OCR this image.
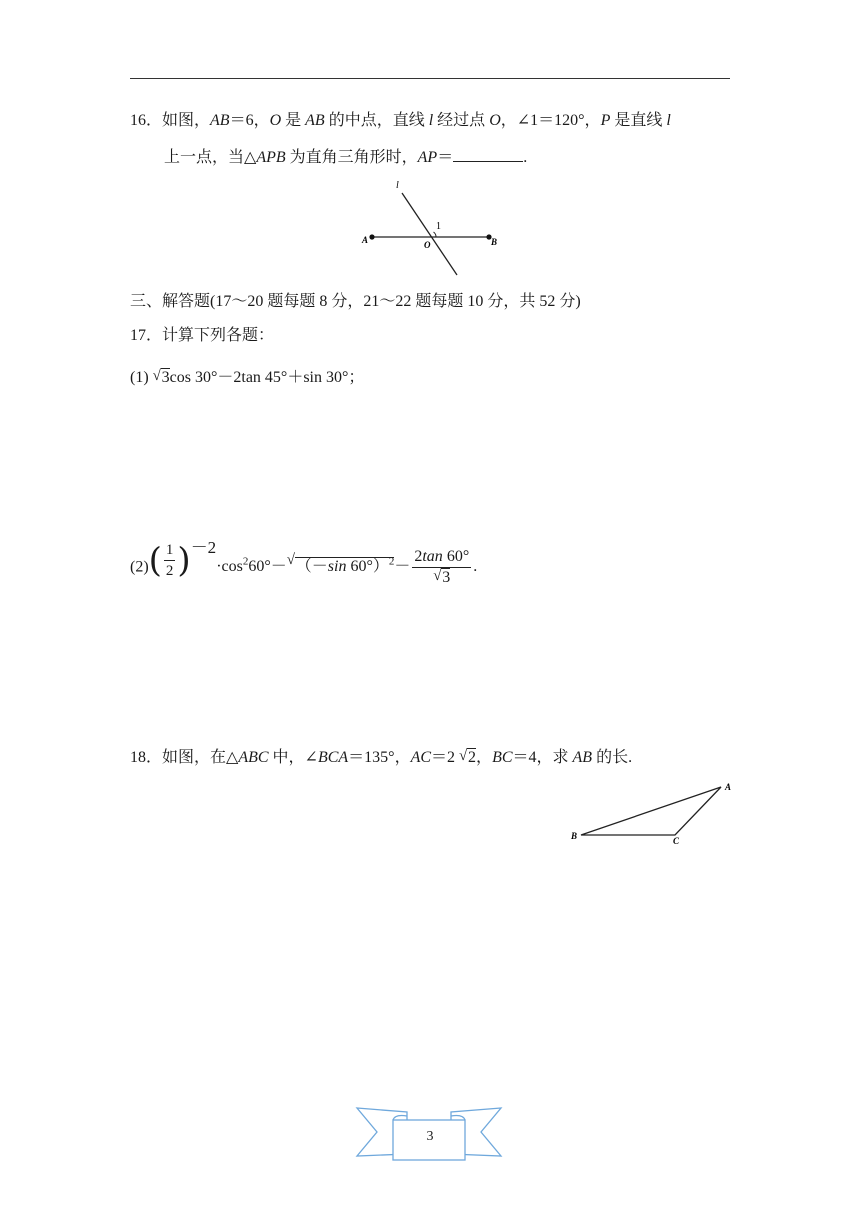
16．如图，AB＝6，O 是 AB 的中点，直线 l 经过点 O，∠1＝120°，P 是直线 l
上一点，当△APB 为直角三角形时，AP＝	.
l
1
A	O	B
三、解答题(17～20 题每题 8 分，21～22 题每题 10 分，共 52 分)
17．计算下列各题：
(1) √ 3cos 30°－2tan 45°＋sin 30°；
$(2)( \frac{1}{2} )-2\cdot\cos^260^\circ-$ √ （－sin $60^\circ)^2- \frac{2\tan 60^\circ}{√ 3}$ .
18．如图，在△ABC 中，∠BCA＝135°，AC＝2 √ 2，BC＝4，求 AB 的长.
A
B	C
3
